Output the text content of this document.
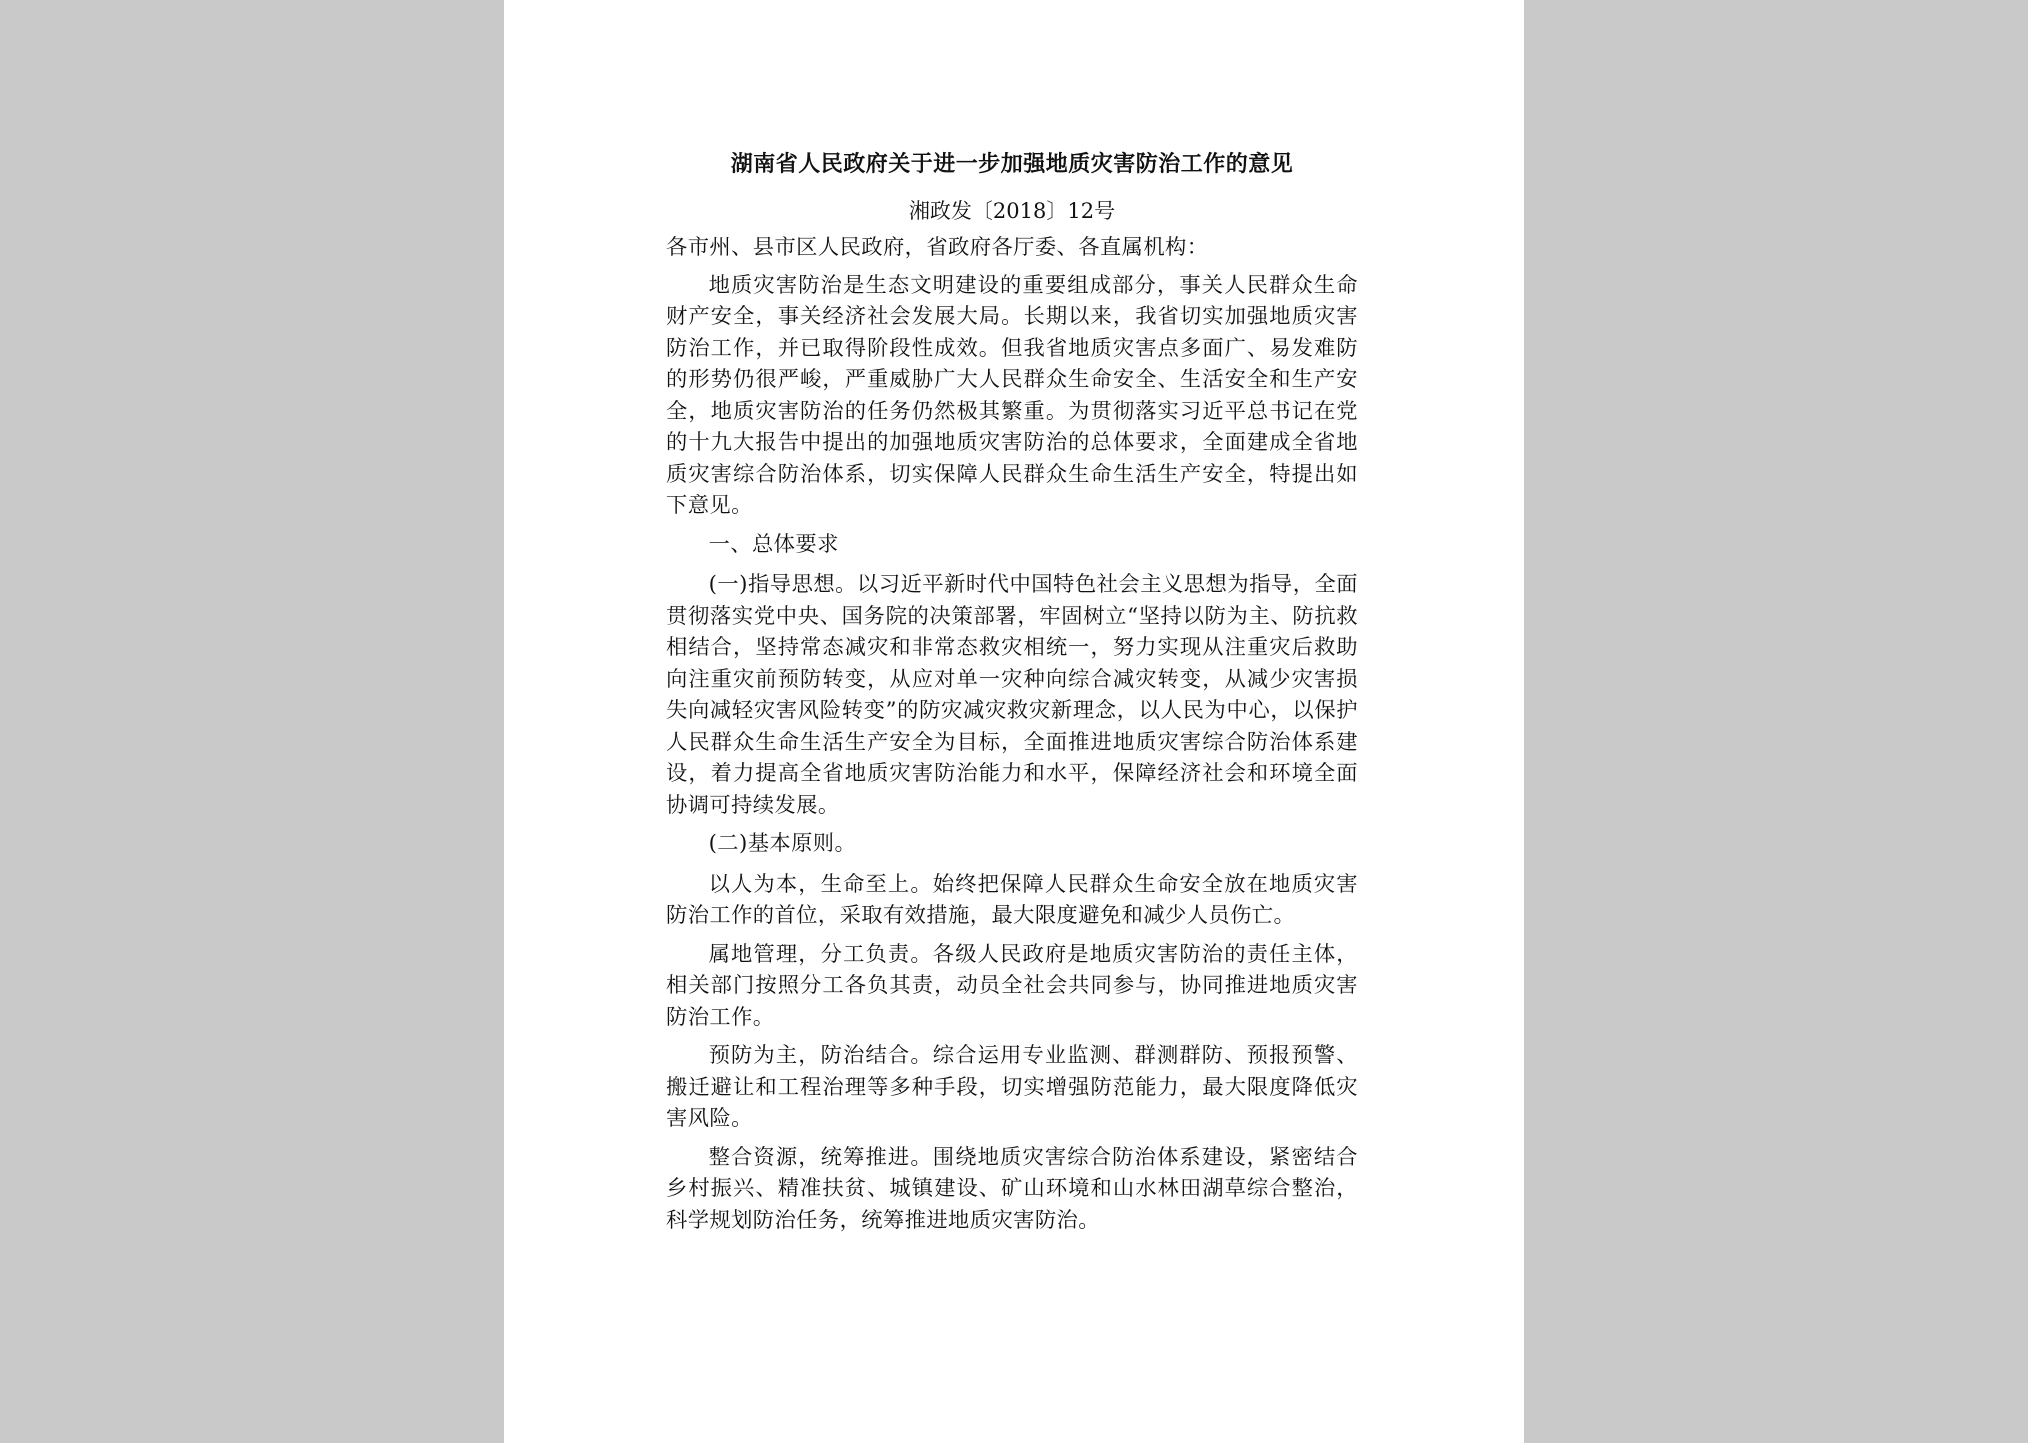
湖南省人民政府关于进一步加强地质灾害防治工作的意见
湘政发〔2018〕12号

各市州、县市区人民政府，省政府各厅委、各直属机构：

地质灾害防治是生态文明建设的重要组成部分，事关人民群众生命财产安全，事关经济社会发展大局。长期以来，我省切实加强地质灾害防治工作，并已取得阶段性成效。但我省地质灾害点多面广、易发难防的形势仍很严峻，严重威胁广大人民群众生命安全、生活安全和生产安全，地质灾害防治的任务仍然极其繁重。为贯彻落实习近平总书记在党的十九大报告中提出的加强地质灾害防治的总体要求，全面建成全省地质灾害综合防治体系，切实保障人民群众生命生活生产安全，特提出如下意见。

一、总体要求

(一)指导思想。以习近平新时代中国特色社会主义思想为指导，全面贯彻落实党中央、国务院的决策部署，牢固树立“坚持以防为主、防抗救相结合，坚持常态减灾和非常态救灾相统一，努力实现从注重灾后救助向注重灾前预防转变，从应对单一灾种向综合减灾转变，从减少灾害损失向减轻灾害风险转变”的防灾减灾救灾新理念，以人民为中心，以保护人民群众生命生活生产安全为目标，全面推进地质灾害综合防治体系建设，着力提高全省地质灾害防治能力和水平，保障经济社会和环境全面协调可持续发展。

(二)基本原则。

以人为本，生命至上。始终把保障人民群众生命安全放在地质灾害防治工作的首位，采取有效措施，最大限度避免和减少人员伤亡。

属地管理，分工负责。各级人民政府是地质灾害防治的责任主体，相关部门按照分工各负其责，动员全社会共同参与，协同推进地质灾害防治工作。

预防为主，防治结合。综合运用专业监测、群测群防、预报预警、搬迁避让和工程治理等多种手段，切实增强防范能力，最大限度降低灾害风险。

整合资源，统筹推进。围绕地质灾害综合防治体系建设，紧密结合乡村振兴、精准扶贫、城镇建设、矿山环境和山水林田湖草综合整治，科学规划防治任务，统筹推进地质灾害防治。
